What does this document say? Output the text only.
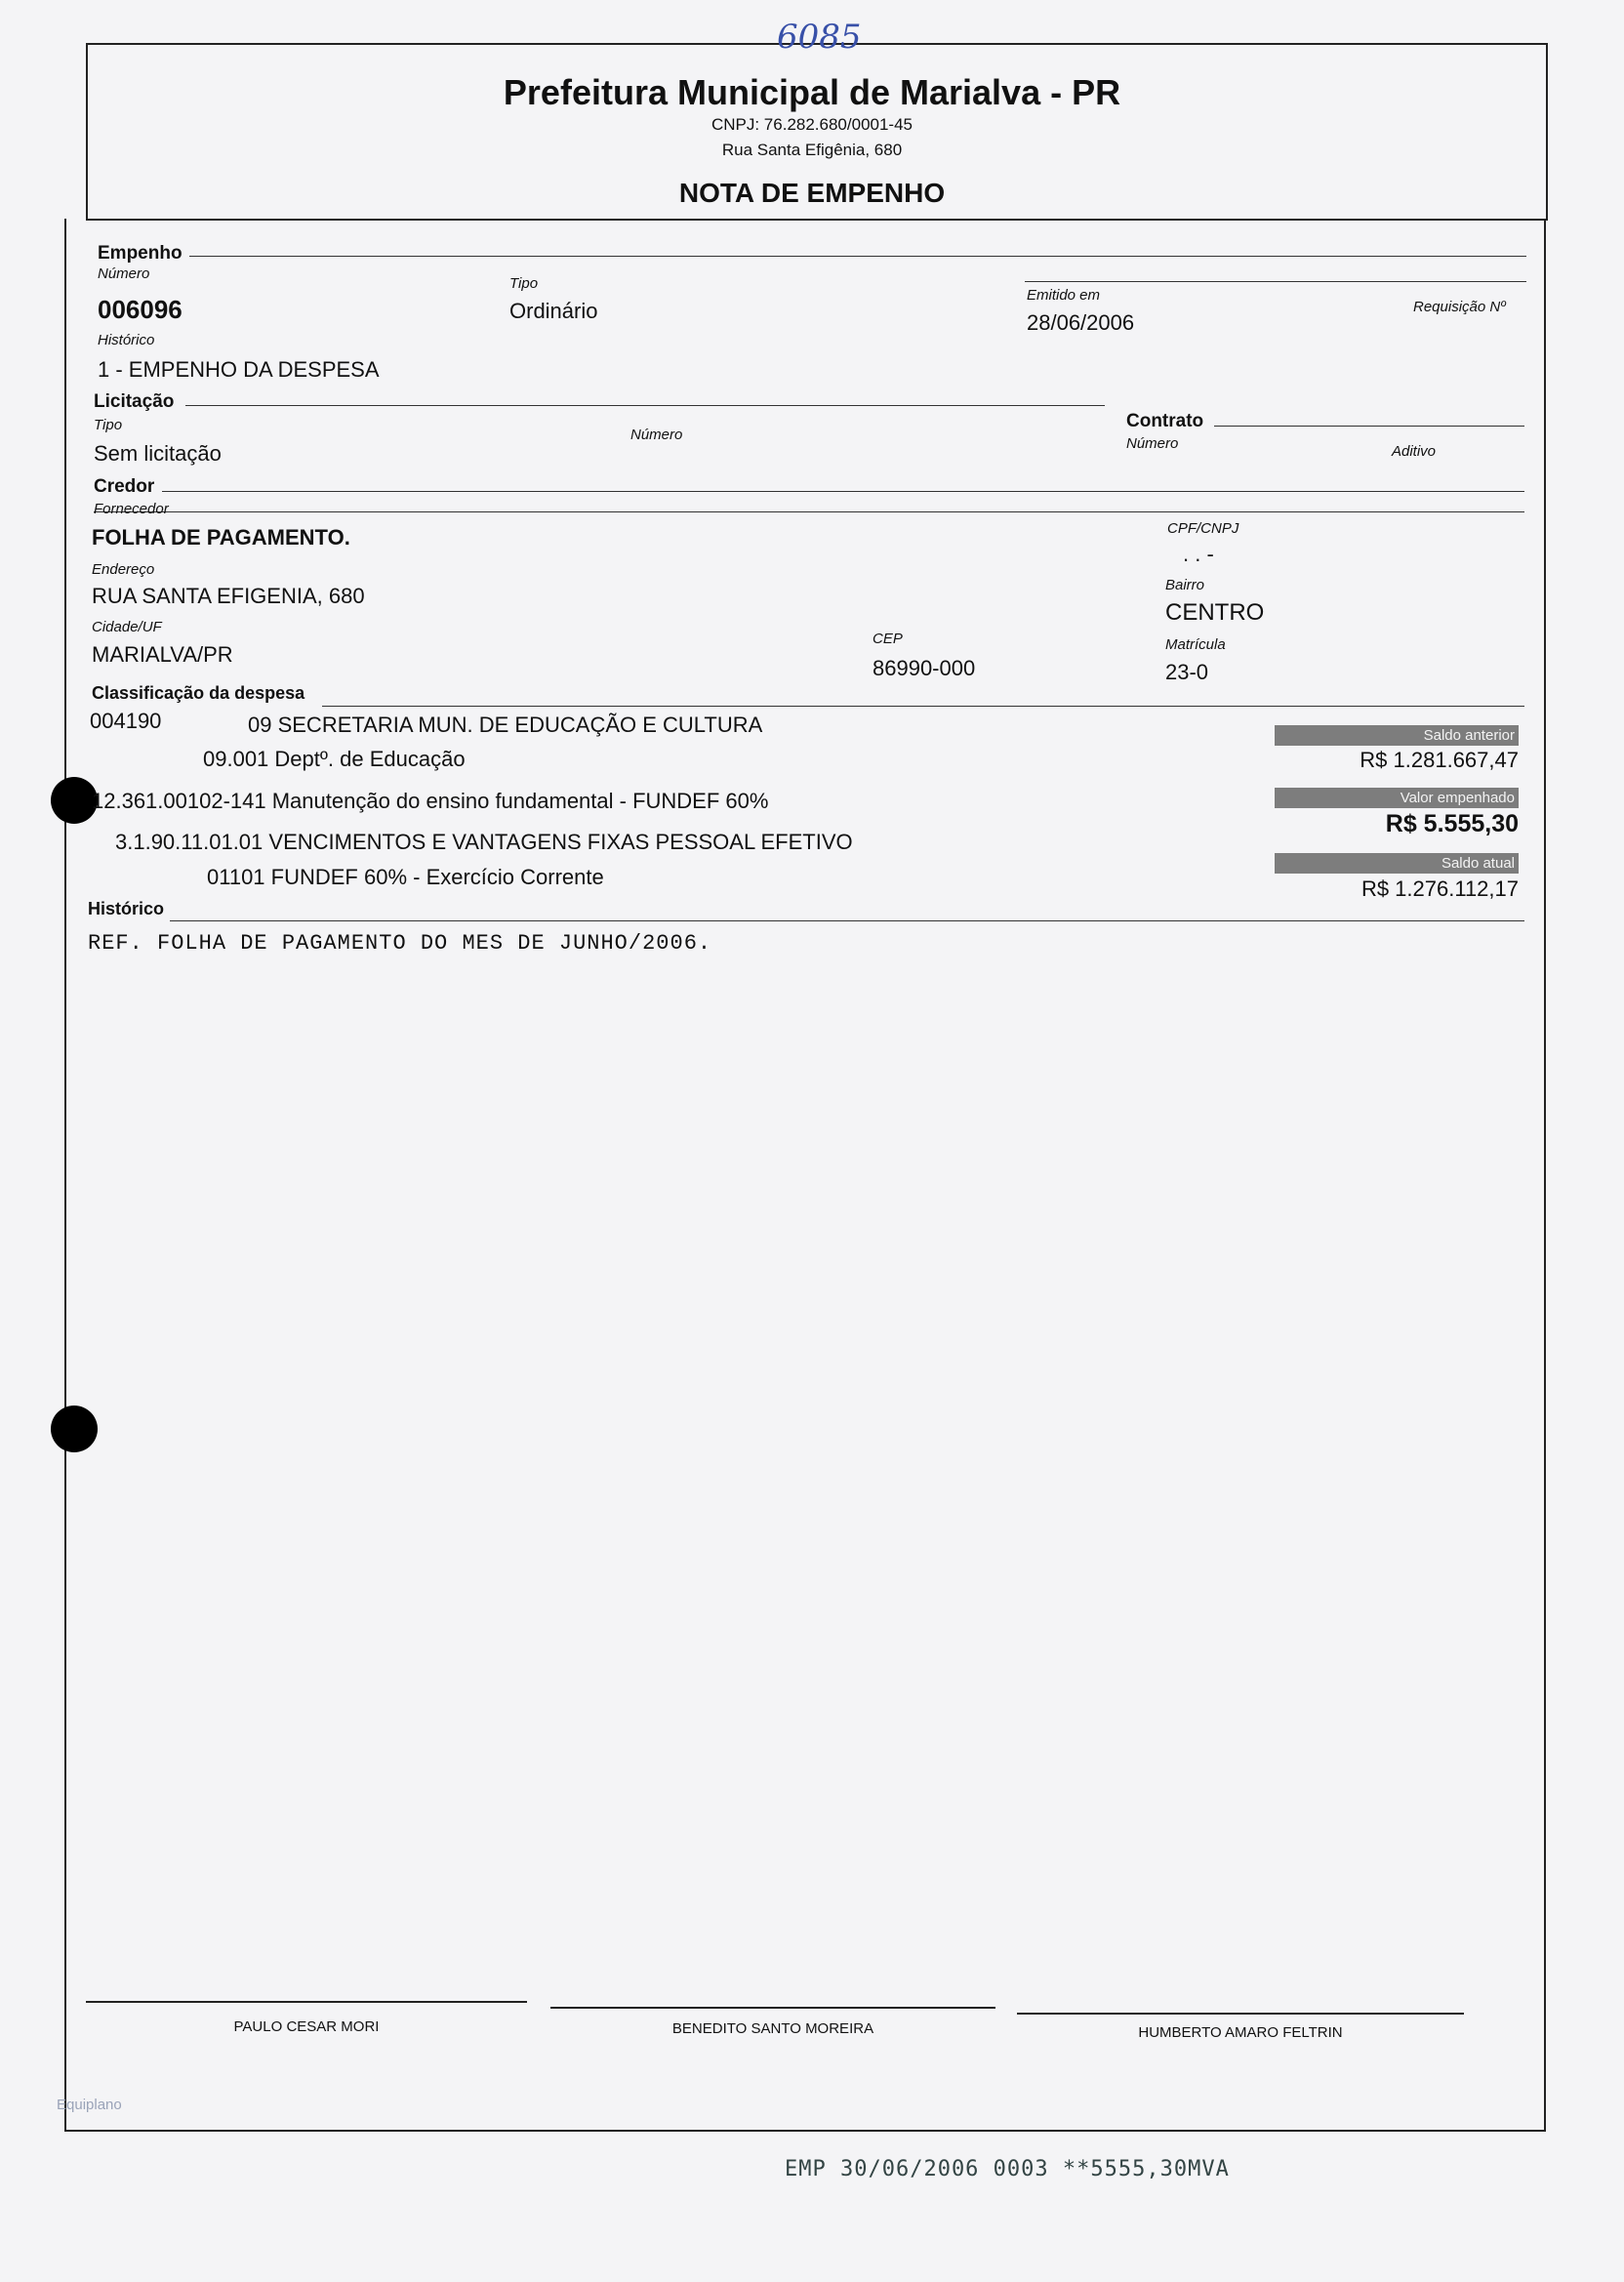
6085
Prefeitura Municipal de Marialva - PR
CNPJ: 76.282.680/0001-45
Rua Santa Efigênia, 680
NOTA DE EMPENHO
Empenho
Número
006096
Tipo
Ordinário
Emitido em
28/06/2006
Requisição Nº
Histórico
1 - EMPENHO DA DESPESA
Licitação
Tipo
Sem licitação
Número
Contrato
Número	Aditivo
Credor
Fornecedor
FOLHA DE PAGAMENTO.	CPF/CNPJ
. . -
Endereço
RUA SANTA EFIGENIA, 680	Bairro
CENTRO
Cidade/UF
MARIALVA/PR
CEP
86990-000
Matrícula
23-0
Classificação da despesa
004190	09 SECRETARIA MUN. DE EDUCAÇÃO E CULTURA
09.001 Deptº. de Educação
12.361.00102-141 Manutenção do ensino fundamental - FUNDEF 60%
3.1.90.11.01.01 VENCIMENTOS E VANTAGENS FIXAS PESSOAL EFETIVO
01101 FUNDEF 60% - Exercício Corrente
Saldo anterior
R$ 1.281.667,47
Valor empenhado
R$ 5.555,30
Saldo atual
R$ 1.276.112,17
Histórico
REF. FOLHA DE PAGAMENTO DO MES DE JUNHO/2006.
PAULO CESAR MORI	BENEDITO SANTO MOREIRA	HUMBERTO AMARO FELTRIN
Equiplano
EMP 30/06/2006 0003 **5555,30MVA
